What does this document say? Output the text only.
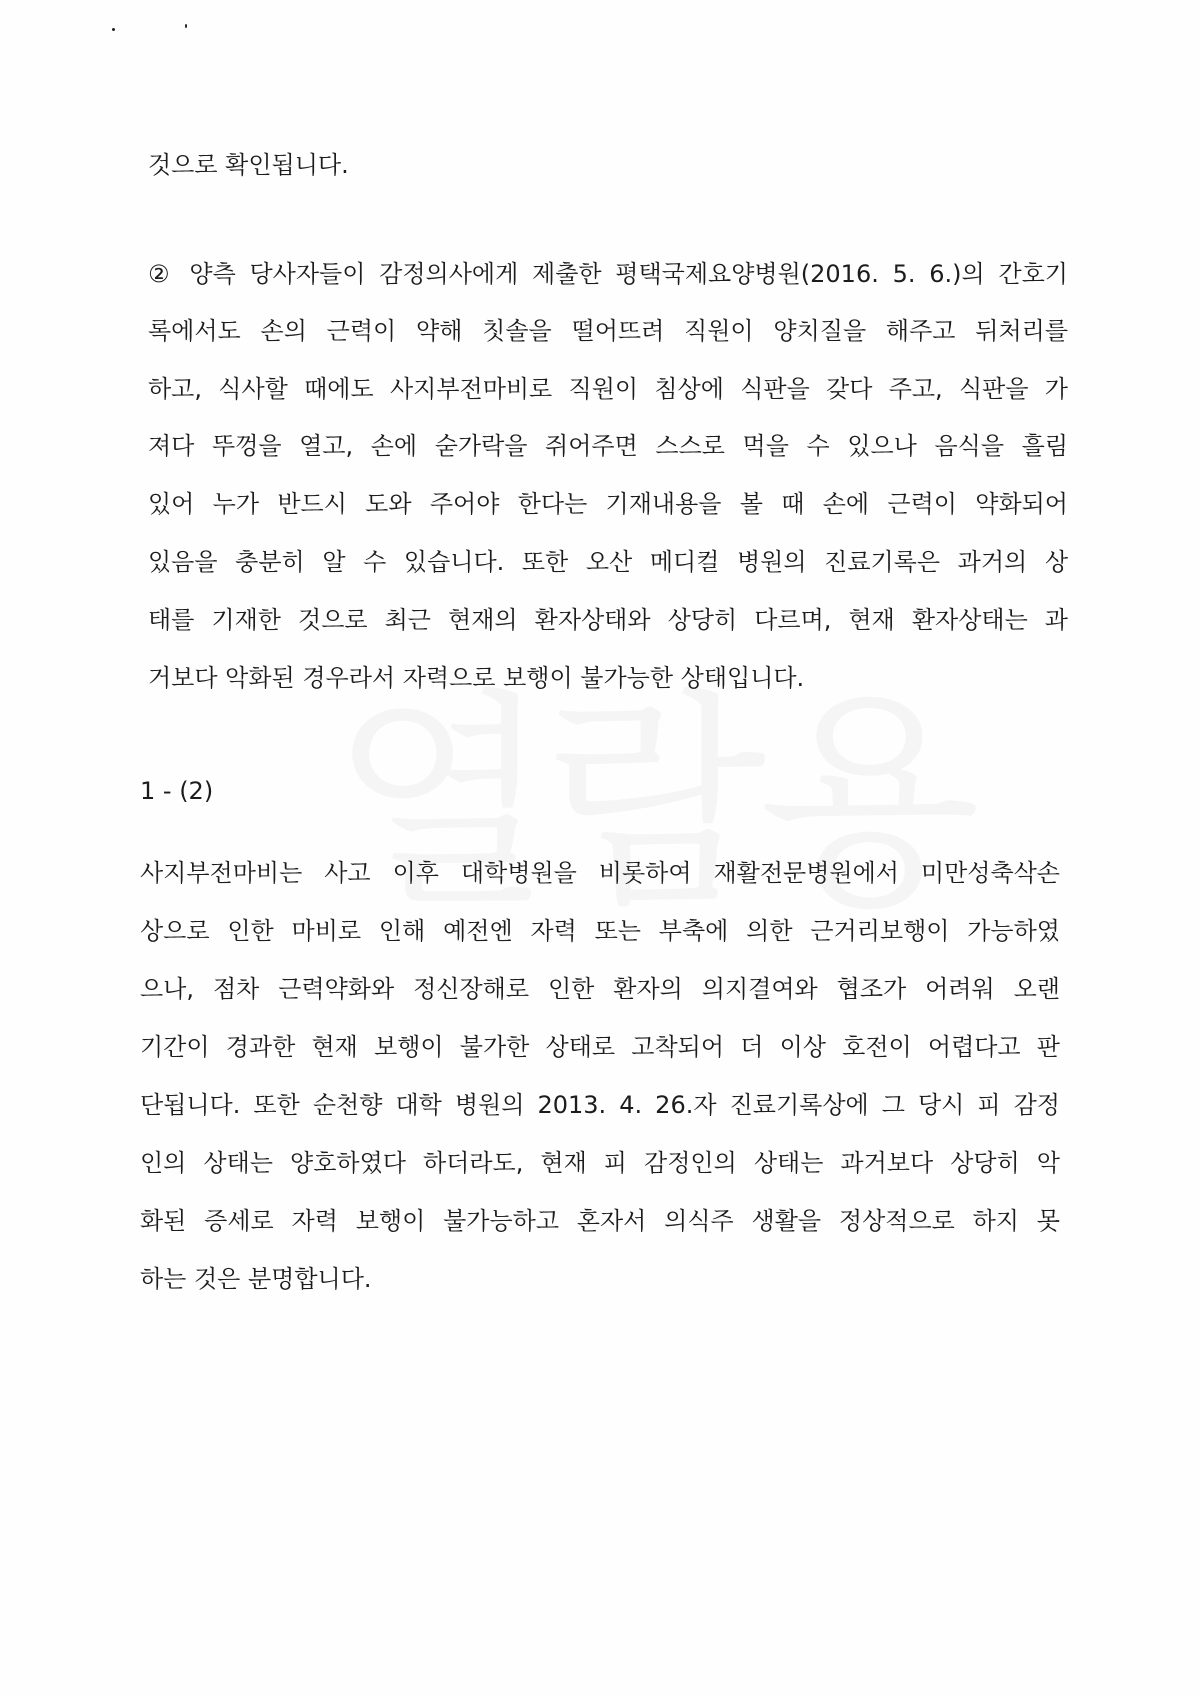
것으로 확인됩니다.

② 양측 당사자들이 감정의사에게 제출한 평택국제요양병원(2016. 5. 6.)의 간호기

록에서도 손의 근력이 약해 칫솔을 떨어뜨려 직원이 양치질을 해주고 뒤처리를

하고, 식사할 때에도 사지부전마비로 직원이 침상에 식판을 갖다 주고, 식판을 가

져다 뚜껑을 열고, 손에 숟가락을 쥐어주면 스스로 먹을 수 있으나 음식을 흘림

있어 누가 반드시 도와 주어야 한다는 기재내용을 볼 때 손에 근력이 약화되어

있음을 충분히 알 수 있습니다. 또한 오산 메디컬 병원의 진료기록은 과거의 상

태를 기재한 것으로 최근 현재의 환자상태와 상당히 다르며, 현재 환자상태는 과

거보다 악화된 경우라서 자력으로 보행이 불가능한 상태입니다.

1 - (2)

사지부전마비는 사고 이후 대학병원을 비롯하여 재활전문병원에서 미만성축삭손

상으로 인한 마비로 인해 예전엔 자력 또는 부축에 의한 근거리보행이 가능하였

으나, 점차 근력약화와 정신장해로 인한 환자의 의지결여와 협조가 어려워 오랜

기간이 경과한 현재 보행이 불가한 상태로 고착되어 더 이상 호전이 어렵다고 판

단됩니다. 또한 순천향 대학 병원의 2013. 4. 26.자 진료기록상에 그 당시 피 감정

인의 상태는 양호하였다 하더라도, 현재 피 감정인의 상태는 과거보다 상당히 악

화된 증세로 자력 보행이 불가능하고 혼자서 의식주 생활을 정상적으로 하지 못

하는 것은 분명합니다.
